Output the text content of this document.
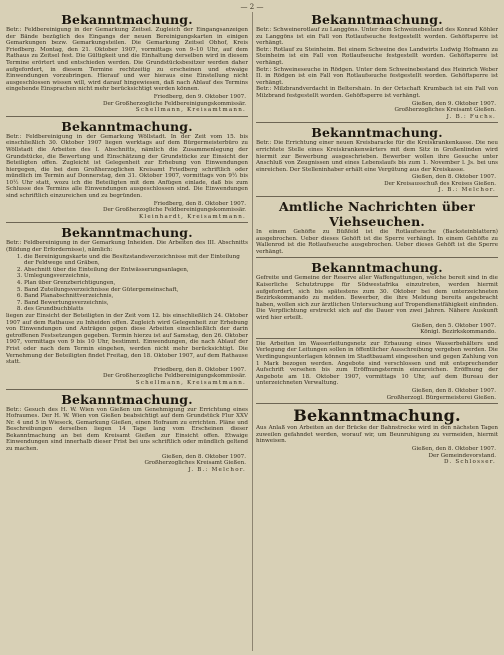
— 2 —
Bekanntmachung.

Betr.: Feldbereinigung in der Gemarkung Zeitsel. Zugleich der Eingangsanzeigen der Bände bezüglich des Eingangs der neuen Bereinigungskarten in einigen Gemarkungen bezw. Gemarkungsteilen. Die Gemarkung Zeitsel Obhof, Kreis Friedberg. Montag, den 21. Oktober 1907, vormittags von 9–10 Uhr, auf dem Rathaus zu Zeitsel fest. Die Gültigkeit und die Einhaltung derselben wird in diesem Termine erörtert und entschieden werden. Die Grundstücksbesitzer werden daher aufgefordert, in diesem Termine rechtzeitig zu erscheinen und etwaige Einwendungen vorzubringen. Hierauf und wer hieraus eine Einstellung nicht ausgeschlossen wissen will, wird darauf hingewiesen, daß nach Ablauf des Termins eingehende Einsprachen nicht mehr berücksichtigt werden können.

Friedberg, den 9. Oktober 1907.
Der Großherzogliche Feldbereinigungskommissär.
Schellmann, Kreisamtmann.
Bekanntmachung.

Betr.: Feldbereinigung in der Gemarkung Wöllstadt. In der Zeit vom 15. bis einschließlich 30. Oktober 1907 liegen werktags auf dem Bürgermeisterbüro zu Wöllstadt die Arbeiten des I. Abschnitts, nämlich die Zusammenlegung der Grundstücke, die Bewertung und Einschätzung der Grundstücke zur Einsicht der Beteiligten offen. Zugleicht ist Gelegenheit zur Erhebung von Einwendungen hiergegen, die bei dem Großherzoglichen Kreisamt Friedberg schriftlich oder mündlich im Termin auf Donnerstag, den 31. Oktober 1907, vormittags von 9½ bis 10½ Uhr statt, wozu ich die Beteiligten mit dem Anfügen einlade, daß bis zum Schlusse des Termins alle Einwendungen ausgeschlossen sind. Die Einwendungen sind schriftlich einzureichen und zu begründen.

Friedberg, den 8. Oktober 1907.
Der Großherzogliche Feldbereinigungskommissär.
Kleinhardt, Kreisamtmann.
Bekanntmachung.

Betr.: Feldbereinigung in der Gemarkung Inheiden. Die Arbeiten des III. Abschnitts (Bildung der Erfordernisse), nämlich:

1. die Bereinigungskarte und die Besitzstandsverzeichnisse mit der Einteilung der Feldwege und Gräben,
2. Abschnitt über die Einteilung der Entwässerungsanlagen,
3. Umlegungsverzeichnis,
4. Plan über Grenzberichtigungen,
5. Band Zuteilungsverzeichnisse der Gütergemeinschaft,
6. Band Planabschnittverzeichnis,
7. Band Bewertungsverzeichnis,
8. des Grundbuchblatts

liegen zur Einsicht der Beteiligten in der Zeit vom 12. bis einschließlich 24. Oktober 1907 auf dem Rathause zu Inheiden offen. Zugleich wird Gelegenheit zur Erhebung von Einwendungen und Anträgen gegen diese Arbeiten einschließlich der darin getroffenen Festsetzungen gegeben. Termin hierzu ist auf Samstag, den 26. Oktober 1907, vormittags von 9 bis 10 Uhr, bestimmt. Einwendungen, die nach Ablauf der Frist oder nach dem Termin eingehen, werden nicht mehr berücksichtigt. Die Vernehmung der Beteiligten findet Freitag, den 18. Oktober 1907, auf dem Rathause statt.

Friedberg, den 8. Oktober 1907.
Der Großherzogliche Feldbereinigungskommissär.
Schellmann, Kreisamtmann.
Bekanntmachung.

Betr.: Gesuch des H. W. Wien von Gießen um Genehmigung zur Errichtung eines Hofraumes. Der H. W. Wien von Gießen beabsichtigt auf dem Grundstück Flur XXV Nr. 4 und 5 in Wieseck, Gemarkung Gießen, einen Hofraum zu errichten. Pläne und Beschreibungen derselben liegen 14 Tage lang vom Erscheinen dieser Bekanntmachung an bei dem Kreisamt Gießen zur Einsicht offen. Etwaige Einwendungen sind innerhalb dieser Frist bei uns schriftlich oder mündlich geltend zu machen.

Gießen, den 8. Oktober 1907.
Großherzogliches Kreisamt Gießen.
J. B.: Melchor.
Bekanntmachung.

Betr.: Schweinerotlauf zu Langgöns. Unter dem Schweinebestand des Konrad Köhler zu Langgöns ist ein Fall von Rotlaufseuche festgestellt worden. Gehöftsperre ist verhängt.

Betr.: Rotlauf zu Steinheim. Bei einem Schweine des Landwirts Ludwig Hofmann zu Steinheim ist ein Fall von Rotlaufseuche festgestellt worden. Gehöftsperre ist verhängt.

Betr.: Schweineseuche in Rödgen. Unter dem Schweinebestand des Heinrich Weber II. in Rödgen ist ein Fall von Rotlaufseuche festgestellt worden. Gehöftsperre ist verhängt.

Betr.: Milzbrandverdacht in Beltershain. In der Ortschaft Krumbach ist ein Fall von Milzbrand festgestellt worden. Gehöftsperre ist verhängt.

Gießen, den 9. Oktober 1907.
Großherzogliches Kreisamt Gießen.
J. B.: Fuchs.
Bekanntmachung.

Betr.: Die Errichtung einer neuen Kreisbaracke für die Kreiskrankenkasse. Die neu errichtete Stelle eines Kreiskrankenwärters mit dem Sitz in Großenlinden wird hiermit zur Bewerbung ausgeschrieben. Bewerber wollen ihre Gesuche unter Anschluß von Zeugnissen und eines Lebenslaufs bis zum 1. November l. Js. bei uns einreichen. Der Stelleninhaber erhält eine Vergütung aus der Kreiskasse.

Gießen, den 8. Oktober 1907.
Der Kreisausschuß des Kreises Gießen.
J. B.: Melchor.
Amtliche Nachrichten über Viehseuchen.

In einem Gehöfte zu Büßfeld ist die Rotlaufseuche (Backsteinblattern) ausgebrochen. Ueber dieses Gehöft ist die Sperre verhängt. In einem Gehöfte zu Wallenrod ist die Rotlaufseuche ausgebrochen. Ueber dieses Gehöft ist die Sperre verhängt.

Bekanntmachung.

Gefreite und Gemeine der Reserve aller Waffengattungen, welche bereit sind in die Kaiserliche Schutztruppe für Südwestafrika einzutreten, werden hiermit aufgefordert, sich bis spätestens zum 30. Oktober bei dem unterzeichneten Bezirkskommando zu melden. Bewerber, die ihre Meldung bereits angebracht haben, wollen sich zur ärztlichen Untersuchung auf Tropendienstfähigkeit einfinden. Die Verpflichtung erstreckt sich auf die Dauer von zwei Jahren. Nähere Auskunft wird hier erteilt.

Gießen, den 5. Oktober 1907.
Königl. Bezirkskommando.

Die Arbeiten im Wasserleitungsnetz zur Erbauung eines Wasserbehälters und Verlegung der Leitungen sollen in öffentlicher Ausschreibung vergeben werden. Die Verdingungsunterlagen können im Stadtbauamt eingesehen und gegen Zahlung von 1 Mark bezogen werden. Angebote sind verschlossen und mit entsprechender Aufschrift versehen bis zum Eröffnungstermin einzureichen. Eröffnung der Angebote am 18. Oktober 1907, vormittags 10 Uhr, auf dem Bureau der unterzeichneten Verwaltung.

Gießen, den 8. Oktober 1907.
Großherzogl. Bürgermeisterei Gießen.
Bekanntmachung.

Aus Anlaß von Arbeiten an der Brücke der Bahnstrecke wird in den nächsten Tagen zuweilen gefahndet werden, worauf wir, um Beunruhigung zu vermeiden, hiermit hinweisen.

Gießen, den 8. Oktober 1907.
Der Gemeindevorstand.
D. Schlosser.
